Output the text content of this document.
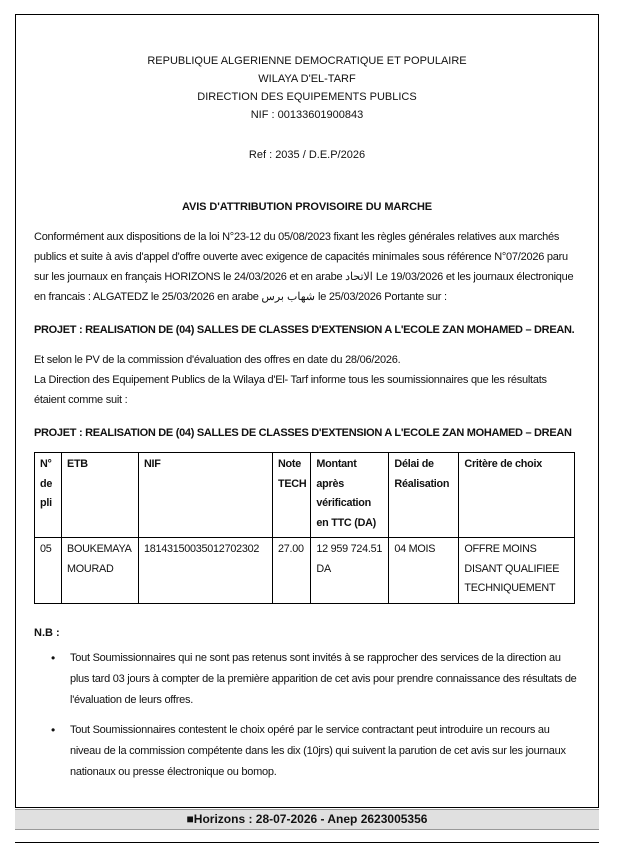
REPUBLIQUE ALGERIENNE DEMOCRATIQUE ET POPULAIRE
WILAYA D'EL-TARF
DIRECTION DES EQUIPEMENTS PUBLICS
NIF : 00133601900843
Ref : 2035 / D.E.P/2026
AVIS D'ATTRIBUTION PROVISOIRE DU MARCHE
Conformément aux dispositions de la loi N°23-12 du 05/08/2023 fixant les règles générales relatives aux marchés publics et suite à avis d'appel d'offre ouverte avec exigence de capacités minimales sous référence N°07/2026 paru sur les journaux en français HORIZONS le 24/03/2026 et en arabe الاتحاد Le 19/03/2026 et les journaux électronique en francais : ALGATEDZ le 25/03/2026 en arabe شهاب برس le 25/03/2026 Portante sur :
PROJET : REALISATION DE (04) SALLES DE CLASSES D'EXTENSION A L'ECOLE ZAN MOHAMED – DREAN.
Et selon le PV de la commission d'évaluation des offres en date du 28/06/2026.
La Direction des Equipement Publics de la Wilaya d'El- Tarf informe tous les soumissionnaires que les résultats étaient comme suit :
PROJET : REALISATION DE (04) SALLES DE CLASSES D'EXTENSION A L'ECOLE ZAN MOHAMED – DREAN
N° de pli	ETB	NIF	Note TECH	Montant après vérification en TTC (DA)	Délai de Réalisation	Critère de choix
05	BOUKEMAYA MOURAD	18143150035012702302	27.00	12 959 724.51 DA	04 MOIS	OFFRE MOINS DISANT QUALIFIEE TECHNIQUEMENT
N.B :
• Tout Soumissionnaires qui ne sont pas retenus sont invités à se rapprocher des services de la direction au plus tard 03 jours à compter de la première apparition de cet avis pour prendre connaissance des résultats de l'évaluation de leurs offres.
• Tout Soumissionnaires contestent le choix opéré par le service contractant peut introduire un recours au niveau de la commission compétente dans les dix (10jrs) qui suivent la parution de cet avis sur les journaux nationaux ou presse électronique ou bomop.
■Horizons : 28-07-2026 - Anep 2623005356
